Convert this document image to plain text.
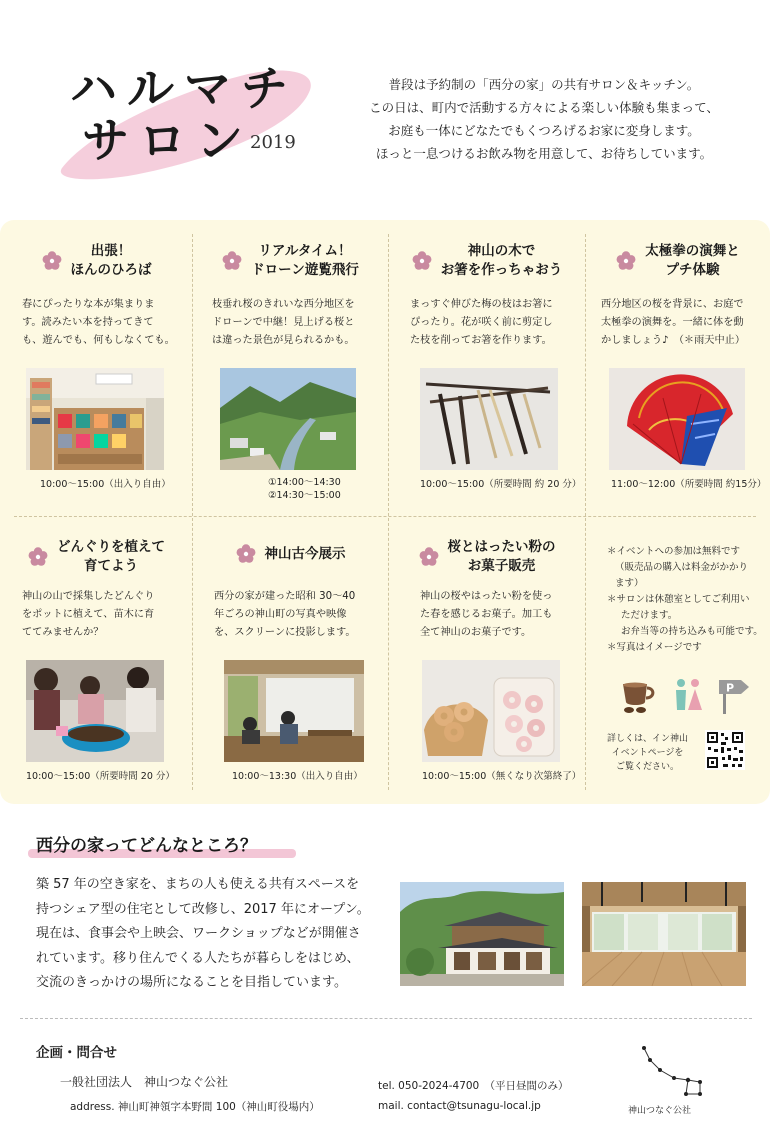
ハルマチ
サロン
2019
普段は予約制の「西分の家」の共有サロン＆キッチン。
この日は、町内で活動する方々による楽しい体験も集まって、
お庭も一体にどなたでもくつろげるお家に変身します。
ほっと一息つけるお飲み物を用意して、お待ちしています。
出張！
ほんのひろば
春にぴったりな本が集まりま
す。読みたい本を持ってきて
も、遊んでも、何もしなくても。
10:00～15:00（出入り自由）
リアルタイム！
ドローン遊覧飛行
枝垂れ桜のきれいな西分地区を
ドローンで中継！見上げる桜と
は違った景色が見られるかも。
①14:00～14:30
②14:30～15:00
神山の木で
お箸を作っちゃおう
まっすぐ伸びた梅の枝はお箸に
ぴったり。花が咲く前に剪定し
た枝を削ってお箸を作ります。
10:00～15:00（所要時間 約 20 分）
太極拳の演舞と
プチ体験
西分地区の桜を背景に、お庭で
太極拳の演舞を。一緒に体を動
かしましょう♪　（＊雨天中止）
11:00～12:00（所要時間 約15分）
どんぐりを植えて
育てよう
神山の山で採集したどんぐり
をポットに植えて、苗木に育
ててみませんか？
10:00～15:00（所要時間 20 分）
神山古今展示
西分の家が建った昭和 30～40
年ごろの神山町の写真や映像
を、スクリーンに投影します。
10:00～13:30（出入り自由）
桜とはったい粉の
お菓子販売
神山の桜やはったい粉を使っ
た春を感じるお菓子。加工も
全て神山のお菓子です。
10:00～15:00（無くなり次第終了）
＊イベントへの参加は無料です
（販売品の購入は料金がかかり
ます）
＊サロンは休憩室としてご利用い
ただけます。
お弁当等の持ち込みも可能です。
＊写真はイメージです
P
詳しくは、イン神山
イベントページを
ご覧ください。
西分の家ってどんなところ？
築 57 年の空き家を、まちの人も使える共有スペースを
持つシェア型の住宅として改修し、2017 年にオープン。
現在は、食事会や上映会、ワークショップなどが開催さ
れています。移り住んでくる人たちが暮らしをはじめ、
交流のきっかけの場所になることを目指しています。
企画・問合せ
一般社団法人　神山つなぐ公社
address. 神山町神領字本野間 100（神山町役場内）
tel. 050-2024-4700　（平日昼間のみ）
mail. contact@tsunagu-local.jp	神山つなぐ公社
